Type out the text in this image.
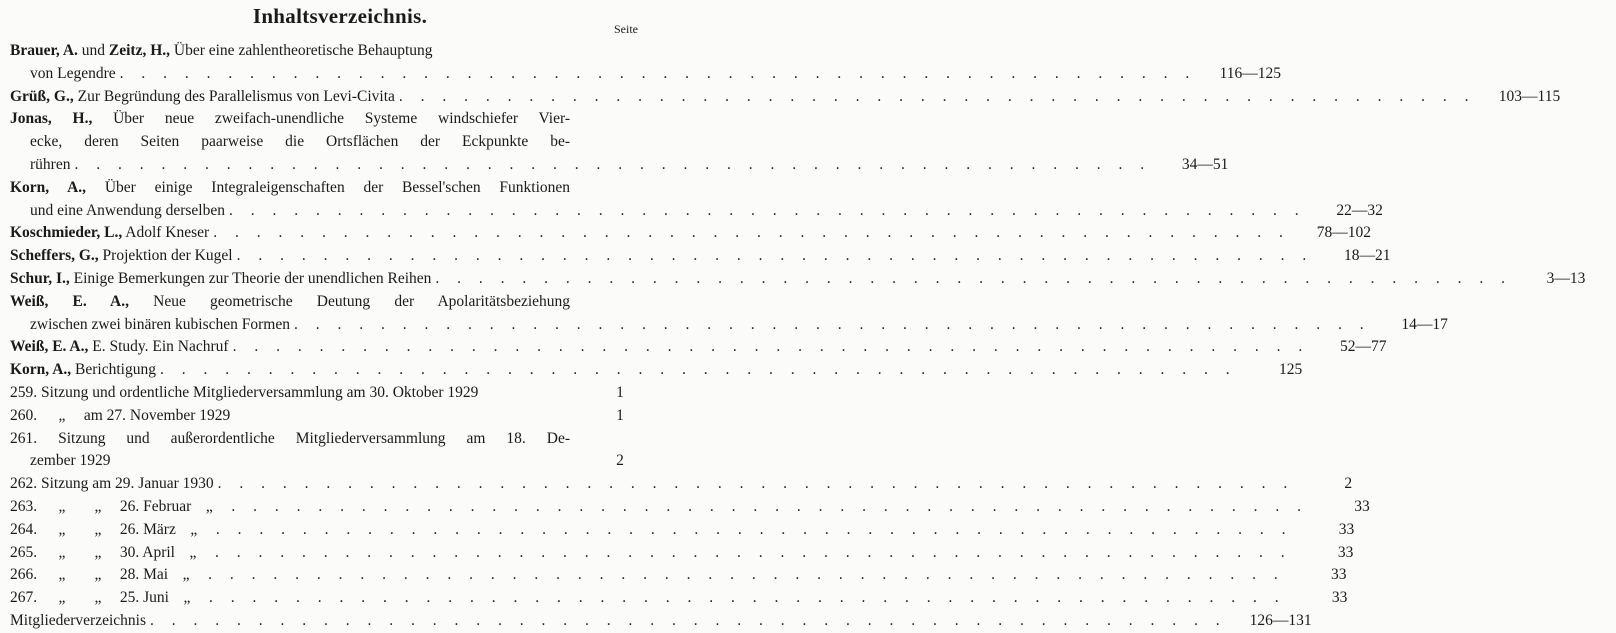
Inhaltsverzeichnis.
Seite
Brauer, A. und Zeitz, H., Über eine zahlentheoretische Behauptung
von Legendre . . . . . . . . . . . . . . . . . . . . . . . . . . . . . . . . . . . . . . . . . . . . . . . . . .	116—125
Grüß, G., Zur Begründung des Parallelismus von Levi-Civita . . . . . . . . . . . . . . . . . . . . . . . . . . . . . . . . . . . . . . . . . . . . . . . . . .	103—115
Jonas, H., Über neue zweifach-unendliche Systeme windschiefer Vier-
ecke, deren Seiten paarweise die Ortsflächen der Eckpunkte be-
rühren . . . . . . . . . . . . . . . . . . . . . . . . . . . . . . . . . . . . . . . . . . . . . . . . . .	34—51
Korn, A., Über einige Integraleigenschaften der Bessel'schen Funktionen
und eine Anwendung derselben . . . . . . . . . . . . . . . . . . . . . . . . . . . . . . . . . . . . . . . . . . . . . . . . . .	22—32
Koschmieder, L., Adolf Kneser . . . . . . . . . . . . . . . . . . . . . . . . . . . . . . . . . . . . . . . . . . . . . . . . . .	78—102
Scheffers, G., Projektion der Kugel . . . . . . . . . . . . . . . . . . . . . . . . . . . . . . . . . . . . . . . . . . . . . . . . . .	18—21
Schur, I., Einige Bemerkungen zur Theorie der unendlichen Reihen . . . . . . . . . . . . . . . . . . . . . . . . . . . . . . . . . . . . . . . . . . . . . . . . . .	3—13
Weiß, E. A., Neue geometrische Deutung der Apolaritätsbeziehung
zwischen zwei binären kubischen Formen . . . . . . . . . . . . . . . . . . . . . . . . . . . . . . . . . . . . . . . . . . . . . . . . . .	14—17
Weiß, E. A., E. Study. Ein Nachruf . . . . . . . . . . . . . . . . . . . . . . . . . . . . . . . . . . . . . . . . . . . . . . . . . .	52—77
Korn, A., Berichtigung . . . . . . . . . . . . . . . . . . . . . . . . . . . . . . . . . . . . . . . . . . . . . . . . . .	125
259. Sitzung und ordentliche Mitgliederversammlung am 30. Oktober 1929	1
260. „ am 27. November 1929	1
261. Sitzung und außerordentliche Mitgliederversammlung am 18. De-
zember 1929	2
262. Sitzung am 29. Januar 1930 . . . . . . . . . . . . . . . . . . . . . . . . . . . . . . . . . . . . . . . . . . . . . . . . . .	2
263. „ „ 26. Februar „	. . . . . . . . . . . . . . . . . . . . . . . . . . . . . . . . . . . . . . . . . . . . . . . . . .	33
264. „ „ 26. März „	. . . . . . . . . . . . . . . . . . . . . . . . . . . . . . . . . . . . . . . . . . . . . . . . . .	33
265. „ „ 30. April „	. . . . . . . . . . . . . . . . . . . . . . . . . . . . . . . . . . . . . . . . . . . . . . . . . .	33
266. „ „ 28. Mai „	. . . . . . . . . . . . . . . . . . . . . . . . . . . . . . . . . . . . . . . . . . . . . . . . . .	33
267. „ „ 25. Juni „	. . . . . . . . . . . . . . . . . . . . . . . . . . . . . . . . . . . . . . . . . . . . . . . . . .	33
Mitgliederverzeichnis . . . . . . . . . . . . . . . . . . . . . . . . . . . . . . . . . . . . . . . . . . . . . . . . . .	126—131
